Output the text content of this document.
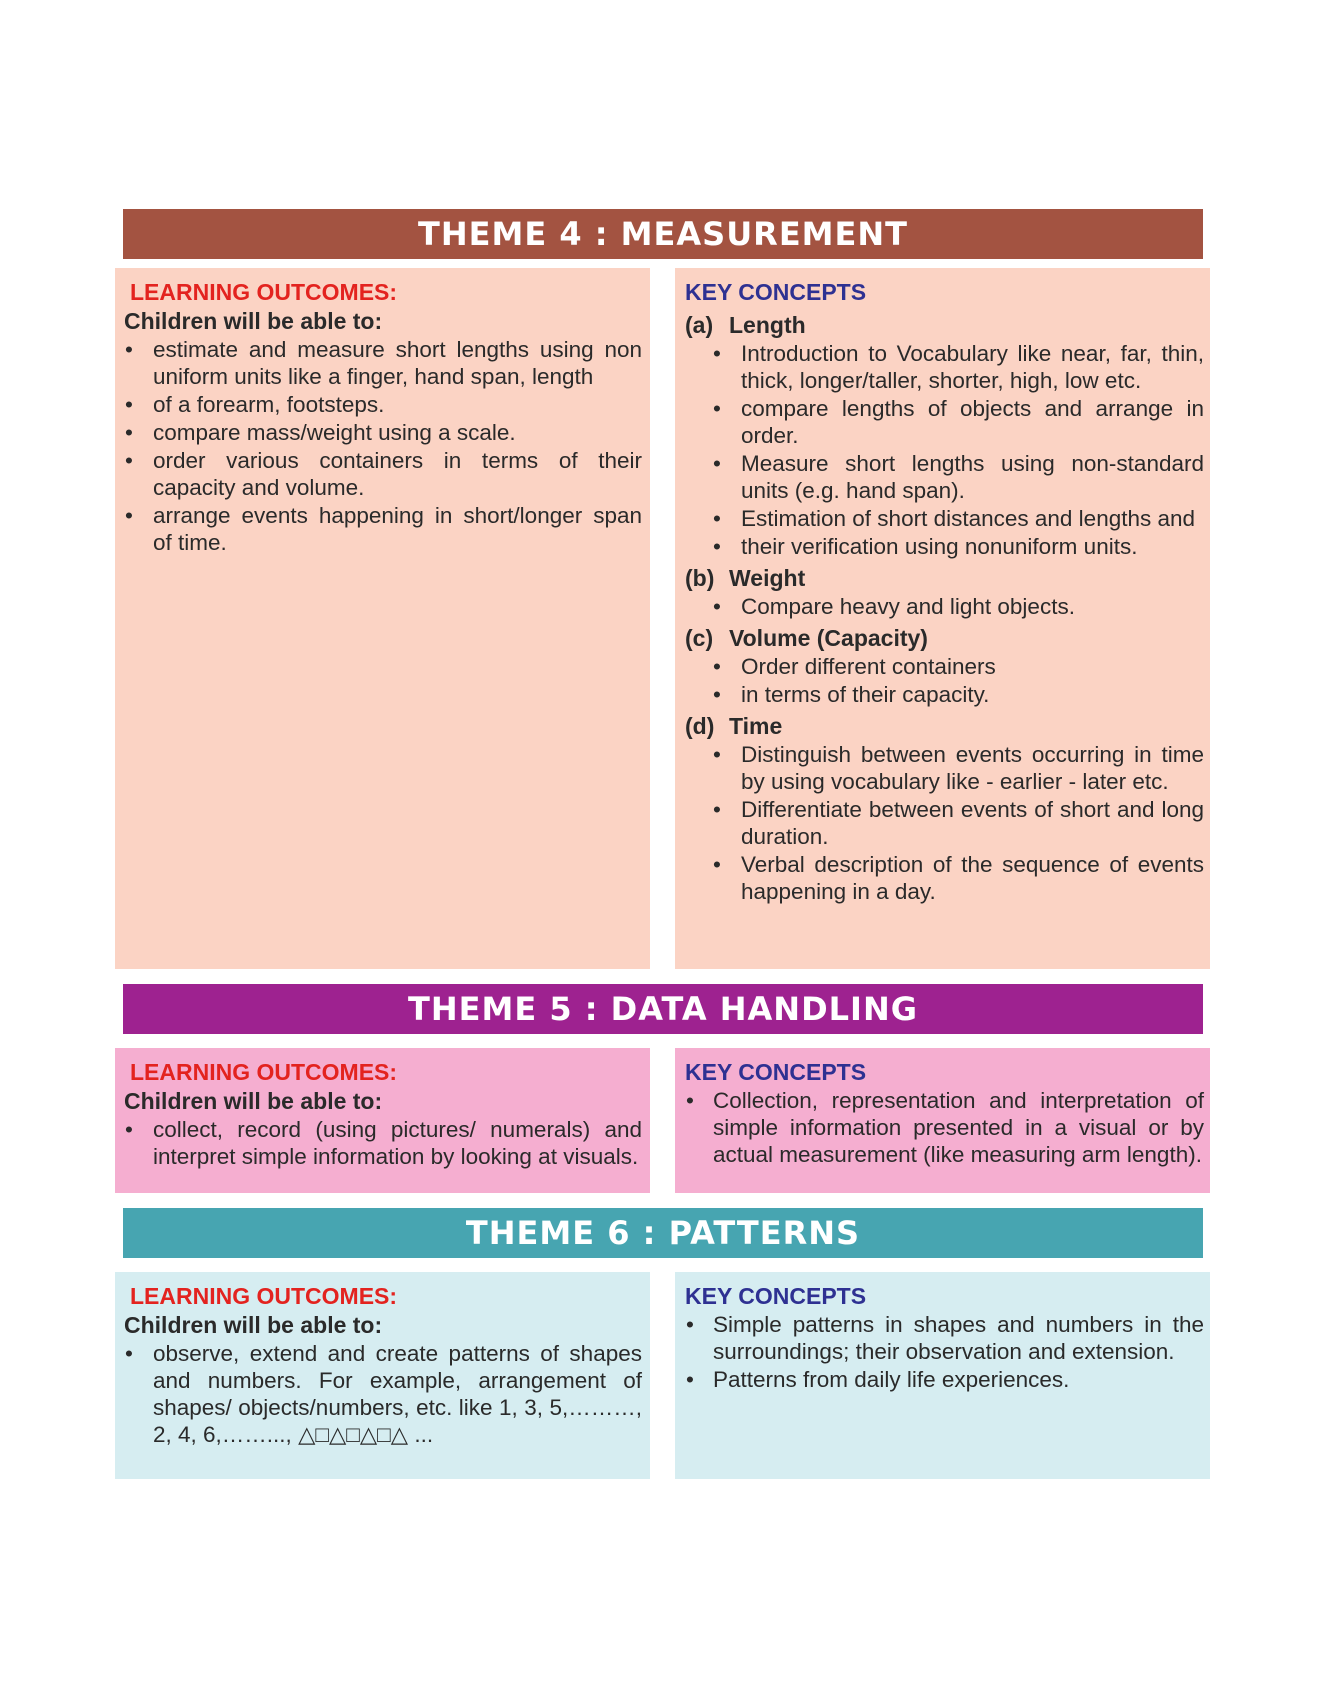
THEME 4 : MEASUREMENT
LEARNING OUTCOMES:
Children will be able to:
• estimate and measure short lengths using non uniform units like a finger, hand span, length
• of a forearm, footsteps.
• compare mass/weight using a scale.
• order various containers in terms of their capacity and volume.
• arrange events happening in short/longer span of time.
KEY CONCEPTS
(a) Length
• Introduction to Vocabulary like near, far, thin, thick, longer/taller, shorter, high, low etc.
• compare lengths of objects and arrange in order.
• Measure short lengths using non-standard units (e.g. hand span).
• Estimation of short distances and lengths and
• their verification using nonuniform units.
(b) Weight
• Compare heavy and light objects.
(c) Volume (Capacity)
• Order different containers
• in terms of their capacity.
(d) Time
• Distinguish between events occurring in time by using vocabulary like - earlier - later etc.
• Differentiate between events of short and long duration.
• Verbal description of the sequence of events happening in a day.
THEME 5 : DATA HANDLING
LEARNING OUTCOMES:
Children will be able to:
• collect, record (using pictures/ numerals) and interpret simple information by looking at visuals.
KEY CONCEPTS
• Collection, representation and interpretation of simple information presented in a visual or by actual measurement (like measuring arm length).
THEME 6 : PATTERNS
LEARNING OUTCOMES:
Children will be able to:
• observe, extend and create patterns of shapes and numbers. For example, arrangement of shapes/ objects/numbers, etc. like 1, 3, 5,………, 2, 4, 6,……..., △□△□△□△ ...
KEY CONCEPTS
• Simple patterns in shapes and numbers in the surroundings; their observation and extension.
• Patterns from daily life experiences.
